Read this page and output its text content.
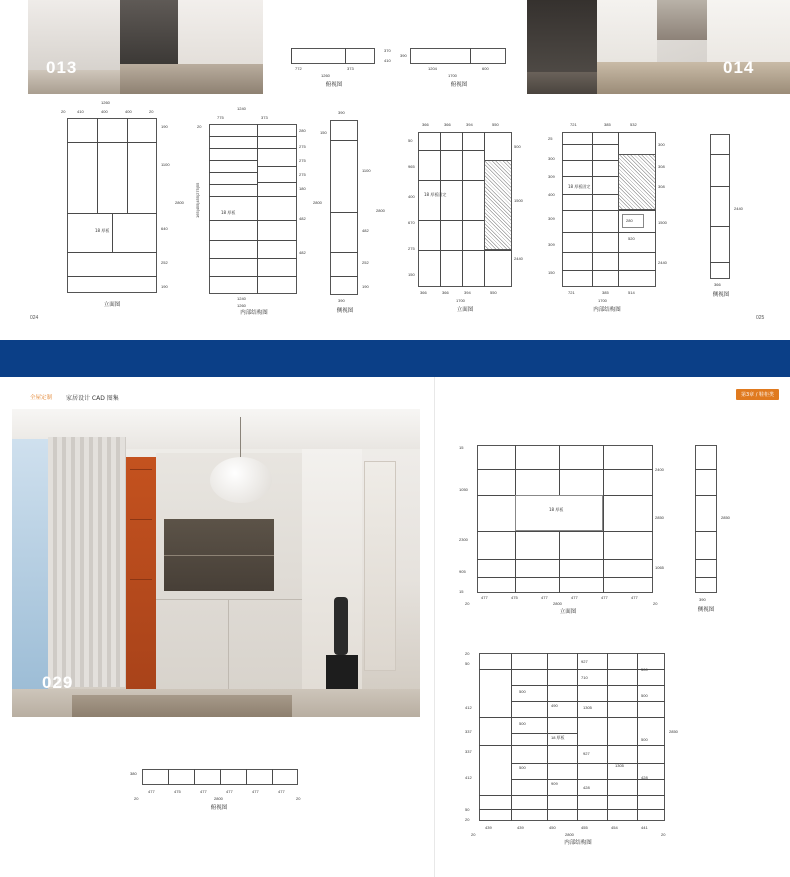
013	014
772	373
1260
俯视图
370
410
390
1204	600
1700
俯视图
1260
20	410	400	400	20
18 厚板
190
1100
640
252
190
2800
立面图
1240
775	373
20
18 厚板
280
275
275
275
180
482
482
2800
165|455|455|275|55
1240
1260
内部结构图
390
150
1100
482
252
190
2800
390
侧视图
366	366	394	550
18 厚板固定
50
965
400
670
275
150
500
1500
2440
366	366	394	550
1700
立面图
721	385	532
280
520
18 厚板固定
25
300
309
400
309
309
150
300
308
308
1500
2440
721	385	514
1700
内部结构图
2440
366
侧视图
024	025
全屋定制 家居设计 CAD 图集
029
380
477	475	477	477	477	477
20	2800	20
俯视图
第3章 / 鞋柜类
15
1050
2300
905
15
18 厚板
2400
2850
1065
477	475	477	477	477	477
20	2800	20
立面图
2850
390
侧视图
20
50
412
337
337
412
50
20
927
710
500
490	1305
500
18 厚板
927
500
909
428
500
500
500
428
2850
1305
439	439	450	455	454	441
20	2800	20
内部结构图
